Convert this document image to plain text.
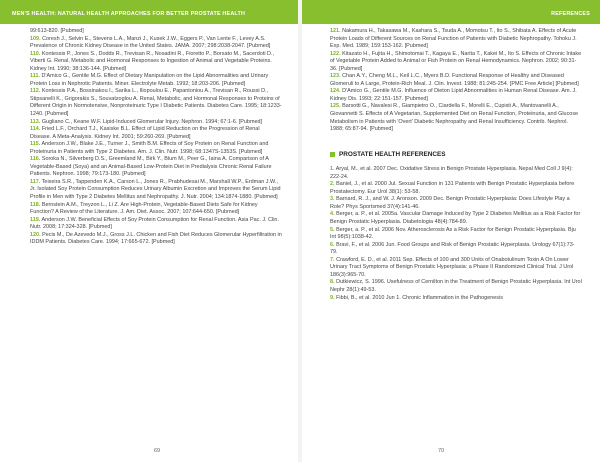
MEN'S HEALTH: NATURAL HEALTH APPROACHES FOR BETTER PROSTATE HEALTH	REFERENCES

99:613-820. [Pubmed]

109. Coresh J., Selvin E., Stevens L.A., Manzi J., Kusek J.W., Eggers P., Van Lente F., Levey A.S. Prevalence of Chronic Kidney Disease in the United States. JAMA. 2007; 298:2038-2047. [Pubmed]

110. Kontessis P., Jones S., Dodds R., Trevisan R., Nosadini R., Fioretto P., Borsato M., Sacerdoti D., Viberti G. Renal, Metabolic and Hormonal Responses to Ingestion of Animal and Vegetable Proteins. Kidney Int. 1990; 38:136-144. [Pubmed]

111. D'Amico G., Gentile M.G. Effect of Dietary Manipulation on the Lipid Abnormalities and Urinary Protein Loss in Nephrotic Patients. Miner. Electrolyte Metab. 1992; 18:203-206. [Pubmed]

112. Kontessis P.A., Bossinakou I., Sarika L., Iliopoulou E., Papantoniou A., Trevisan R., Roussi D., Stipsanelli K., Grigorakis S., Souvatzoglou A. Renal, Metabolic, and Hormonal Responses to Proteins of Different Origin in Normotensive, Nonproteinuric Type I Diabetic Patients. Diabetes Care. 1995; 18:1233-1240. [Pubmed]

113. Gugliano C., Keane W.F. Lipid-Induced Glomerular Injury. Nephron. 1994; 67:1-6. [Pubmed]

114. Fried L.F., Orchard T.J., Kasiske B.L. Effect of Lipid Reduction on the Progression of Renal Disease. A Meta-Analysis. Kidney Int. 2001; 59:260-269. [Pubmed]

115. Anderson J.W., Blake J.E., Turner J., Smith B.M. Effects of Soy Protein on Renal Function and Proteinuria in Patients with Type 2 Diabetes. Am. J. Clin. Nutr. 1998; 68:1347S-1353S. [Pubmed]

116. Soroka N., Silverberg D.S., Greemland M., Birk Y., Blum M., Peer G., Iaina A. Comparison of A Vegetable-Based (Soya) and an Animal-Based Low-Protein Diet in Predialysis Chronic Renal Failure Patients. Nephron. 1998; 79:173-180. [Pubmed]

117. Teixeira S.R., Tappenden K.A., Carson L., Jones R., Prabhudesai M., Marshall W.P., Erdman J.W., Jr. Isolated Soy Protein Consumption Reduces Urinary Albumin Excretion and Improves the Serum Lipid Profile in Men with Type 2 Diabetes Mellitus and Nephropathy. J. Nutr. 2004; 134:1874-1880. [Pubmed]

118. Bernstein A.M., Treyzon L., Li Z. Are High-Protein, Vegetable-Based Diets Safe for Kidney Function? A Review of the Literature. J. Am. Diet. Assoc. 2007; 107:644-650. [Pubmed]

119. Anderson J.W. Beneficial Effects of Soy Protein Consumption for Renal Function. Asia Pac. J. Clin. Nutr. 2008; 17:324-328. [Pubmed]

120. Pecis M., De Azevedo M.J., Gross J.L. Chicken and Fish Diet Reduces Glomerular Hyperfiltration in IDDM Patients. Diabetes Care. 1994; 17:665-672. [Pubmed]

121. Nakamura H., Takasawa M., Kashara S., Tsuda A., Momotsu T., Ito S., Shibata A. Effects of Acute Protein Loads of Different Sources on Renal Function of Patients with Diabetic Nephropathy. Tohoku J. Exp. Med. 1989; 159:153-162. [Pubmed]

122. Kitazato H., Fujita H., Shimotomai T., Kagaya E., Narita T., Kakei M., Ito S. Effects of Chronic Intake of Vegetable Protein Added to Animal or Fish Protein on Renal Hemodynamics. Nephron. 2002; 90:31-36. [Pubmed]

123. Chan A.Y., Cheng M.L., Keil L.C., Myers B.D. Functional Response of Healthy and Diseased Glomeruli to A Large, Protein-Rich Meal. J. Clin. Invest. 1988; 81:245-254. [PMC Free Article] [Pubmed]

124. D'Amico G., Gentile M.G. Influence of Dieton Lipid Abnormalities in Human Renal Disease. Am. J. Kidney Dis. 1993; 22:151-157. [Pubmed]

125. Barsotti G., Navalesi R., Giampietro O., Ciardella F., Morelli E., Cupisti A., Mantovanelli A., Giovannetti S. Effects of A Vegetarian, Supplemented Diet on Renal Function, Proteinuria, and Glucose Metabolism in Patients with 'Overt' Diabetic Nephropathy and Renal Insufficiency. Contrib. Nephrol. 1988; 65:87-94. [Pubmed]

PROSTATE HEALTH REFERENCES

1. Aryal, M., et al. 2007 Dec. Oxidative Stress in Benign Prostate Hyperplasia. Nepal Med Coll J 9(4): 222-24.

2. Baniel, J., et al. 2000 Jul. Sexual Function in 131 Patients with Benign Prostatic Hyperplasia before Prostatectomy. Eur Urol 38(1): 53-58.

3. Barnard, R. J., and W. J. Aronson. 2009 Dec. Benign Prostatic Hyperplasia: Does Lifestyle Play a Role? Phys Sportsmed 37(4):141-46.

4. Berger, a. P., et al. 2005a. Vascular Damage Induced by Type 2 Diabetes Mellitus as a Risk Factor for Benign Prostatic Hyperplasia. Diabetologia 48(4):784-89.

5. Berger, a. P., et al. 2006 Nov. Atherosclerosis As a Risk Factor for Benign Prostatic Hyperplasia. Bju Int 98(5):1038-42.

6. Bravi, F., et al. 2006 Jun. Food Groups and Risk of Benign Prostatic Hyperplasia. Urology 67(1):73-79.

7. Crawford, E. D., et al. 2011 Sep. Effects of 100 and 300 Units of Onabotulinum Toxin A On Lower Urinary Tract Symptoms of Benign Prostatic Hyperplasia: a Phase II Randomized Clinical Trial. J Urol 186(3):965-70.

8. Dutkiewicz, S. 1996. Usefulness of Cernilton in the Treatment of Benign Prostatic Hyperplasia. Int Urol Nephr 28(1):49-53.

9. Fibbi, B., et al. 2010 Jun 1. Chronic Inflammation in the Pathogenesis

69	70
